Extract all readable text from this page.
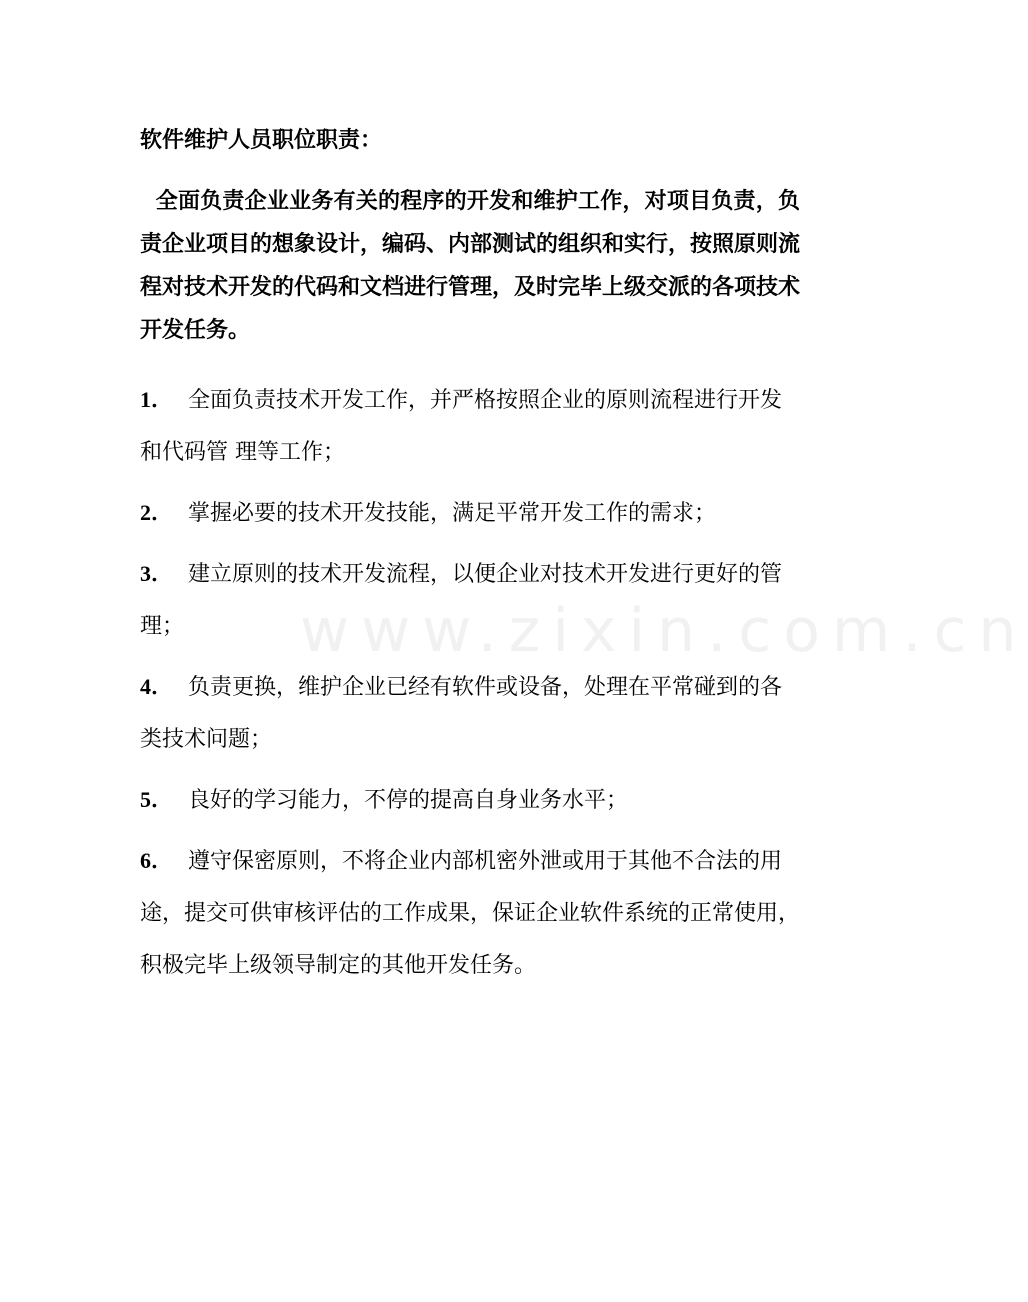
www.zixin.com.cn
软件维护人员职位职责：
全面负责企业业务有关的程序的开发和维护工作，对项目负责，负责企业项目的想象设计，编码、内部测试的组织和实行，按照原则流程对技术开发的代码和文档进行管理，及时完毕上级交派的各项技术开发任务。
1． 全面负责技术开发工作，并严格按照企业的原则流程进行开发和代码管 理等工作；
2． 掌握必要的技术开发技能，满足平常开发工作的需求；
3． 建立原则的技术开发流程，以便企业对技术开发进行更好的管理；
4． 负责更换，维护企业已经有软件或设备，处理在平常碰到的各类技术问题；
5． 良好的学习能力，不停的提高自身业务水平；
6． 遵守保密原则，不将企业内部机密外泄或用于其他不合法的用途，提交可供审核评估的工作成果，保证企业软件系统的正常使用，积极完毕上级领导制定的其他开发任务。
